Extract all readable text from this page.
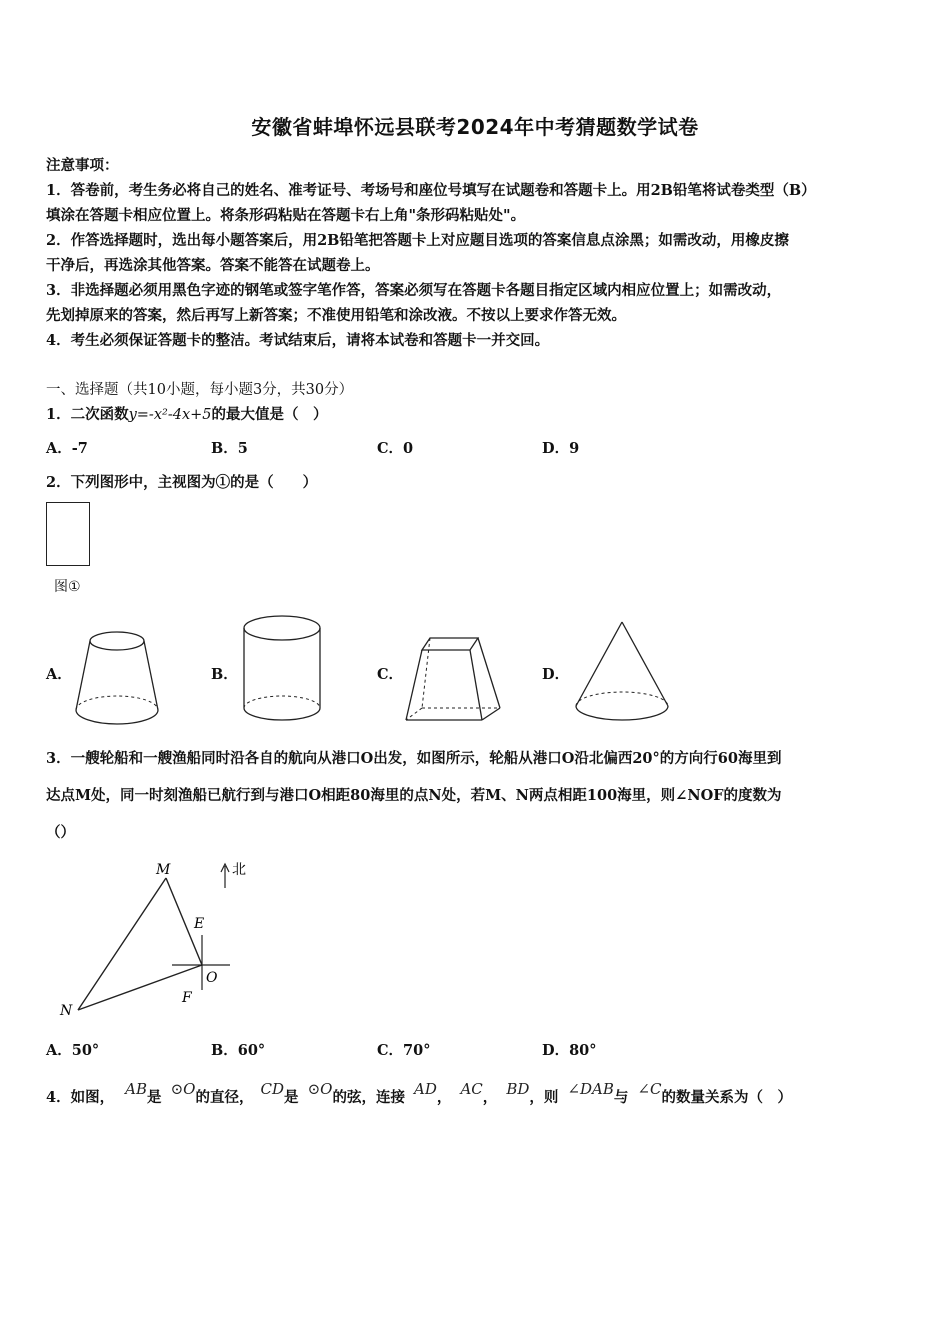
安徽省蚌埠怀远县联考2024年中考猜题数学试卷
注意事项：
1．答卷前，考生务必将自己的姓名、准考证号、考场号和座位号填写在试题卷和答题卡上。用2B铅笔将试卷类型（B）
填涂在答题卡相应位置上。将条形码粘贴在答题卡右上角"条形码粘贴处"。
2．作答选择题时，选出每小题答案后，用2B铅笔把答题卡上对应题目选项的答案信息点涂黑；如需改动，用橡皮擦
干净后，再选涂其他答案。答案不能答在试题卷上。
3．非选择题必须用黑色字迹的钢笔或签字笔作答，答案必须写在答题卡各题目指定区域内相应位置上；如需改动，
先划掉原来的答案，然后再写上新答案；不准使用铅笔和涂改液。不按以上要求作答无效。
4．考生必须保证答题卡的整洁。考试结束后，请将本试卷和答题卡一并交回。
一、选择题（共10小题，每小题3分，共30分）
1．二次函数y=-x²-4x+5的最大值是（　）
A．-7	B．5	C．0	D．9
2．下列图形中，主视图为①的是（　　）
图①
A．	B．	C．	D．
3．一艘轮船和一艘渔船同时沿各自的航向从港口O出发，如图所示，轮船从港口O沿北偏西20°的方向行60海里到
达点M处，同一时刻渔船已航行到与港口O相距80海里的点N处，若M、N两点相距100海里，则∠NOF的度数为
（）
M
N
O
E
F
北
A．50°	B．60°	C．70°	D．80°
4．如图， AB是 ⊙O的直径， CD是 ⊙O的弦，连接 AD， AC， BD，则 ∠DAB与 ∠C的数量关系为（　）
